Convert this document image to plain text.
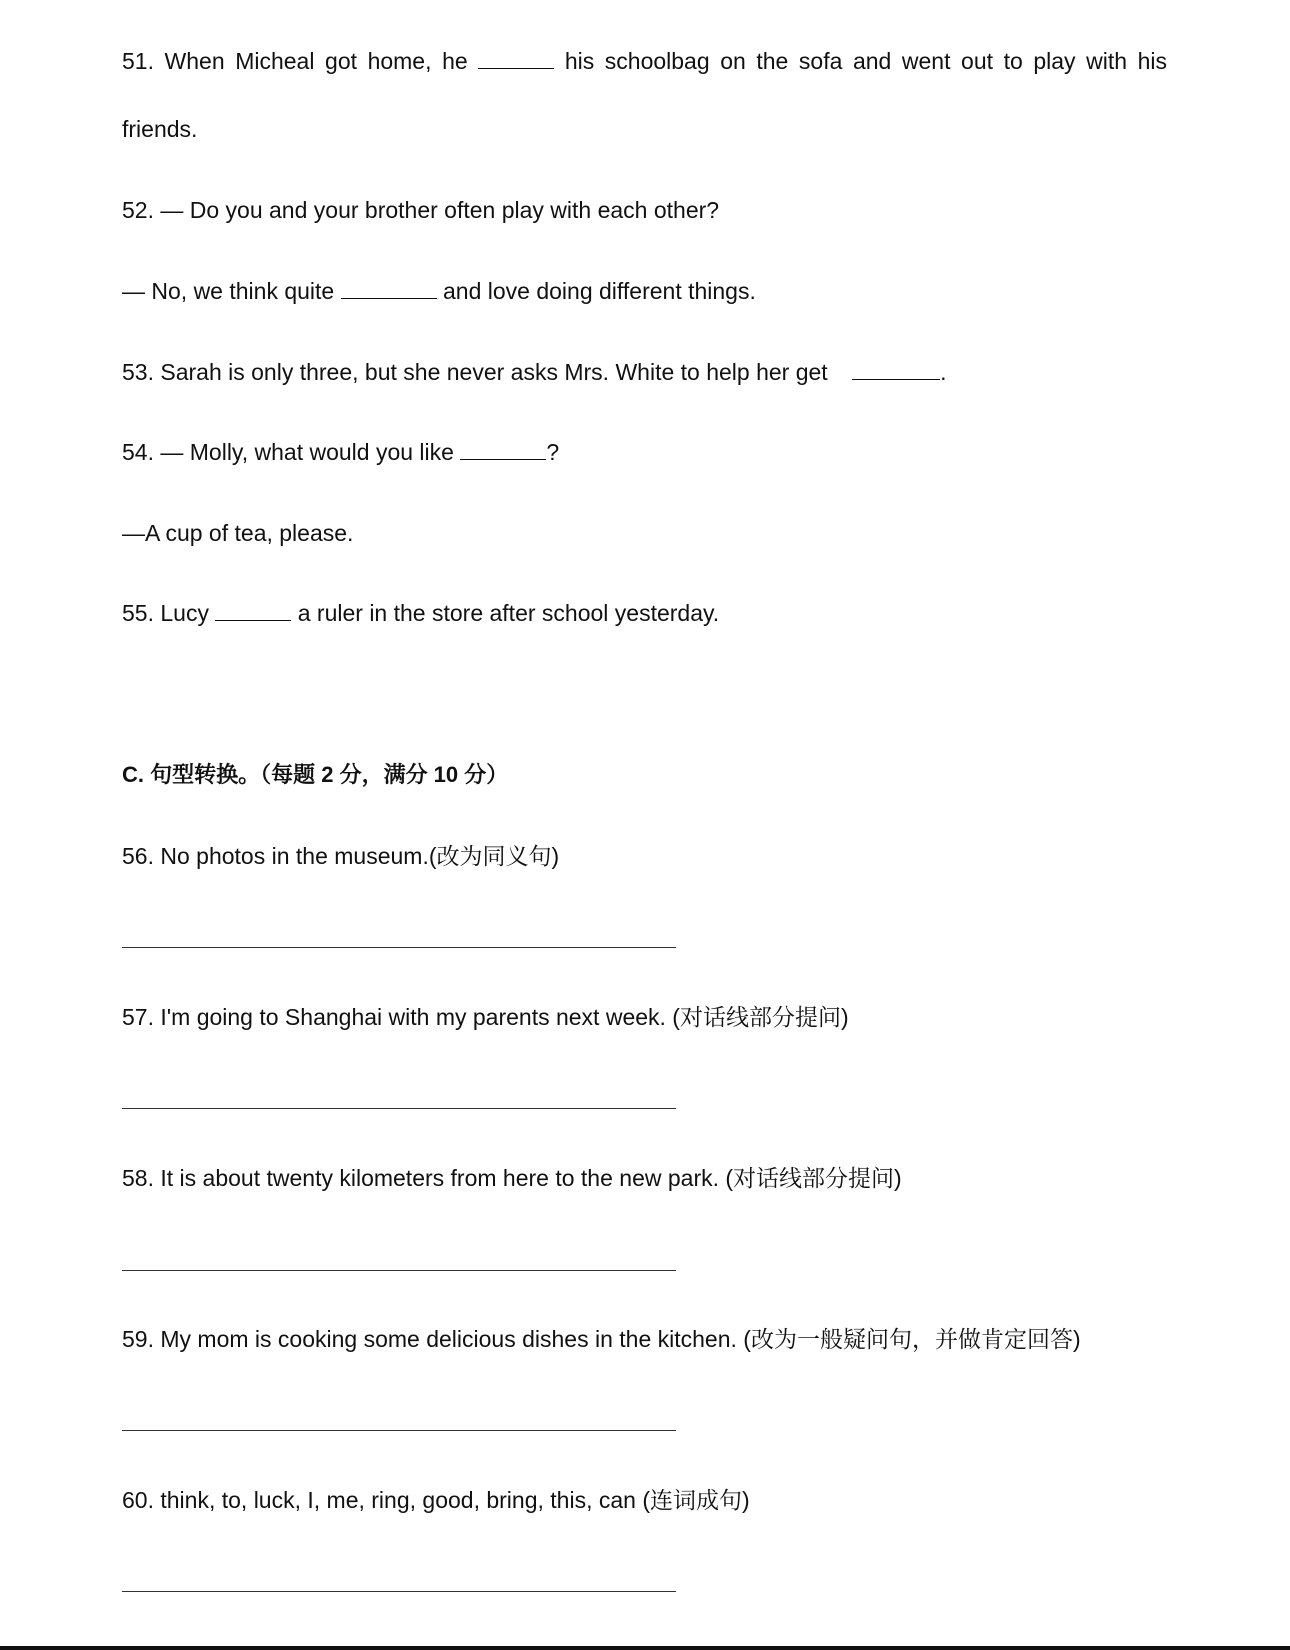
51. When Micheal got home, he	his schoolbag on the sofa and went out to play with his

friends.

52. — Do you and your brother often play with each other?

— No, we think quite	and love doing different things.

53. Sarah is only three, but she never asks Mrs. White to help her get	.

54. — Molly, what would you like	?

—A cup of tea, please.

55. Lucy	a ruler in the store after school yesterday.

C. 句型转换。（每题 2 分，满分 10 分）

56. No photos in the museum.(改为同义句)

57. I'm going to Shanghai with my parents next week. (对话线部分提问)

58. It is about twenty kilometers from here to the new park. (对话线部分提问)

59. My mom is cooking some delicious dishes in the kitchen. (改为一般疑问句，并做肯定回答)

60. think, to, luck, I, me, ring, good, bring, this, can (连词成句)
